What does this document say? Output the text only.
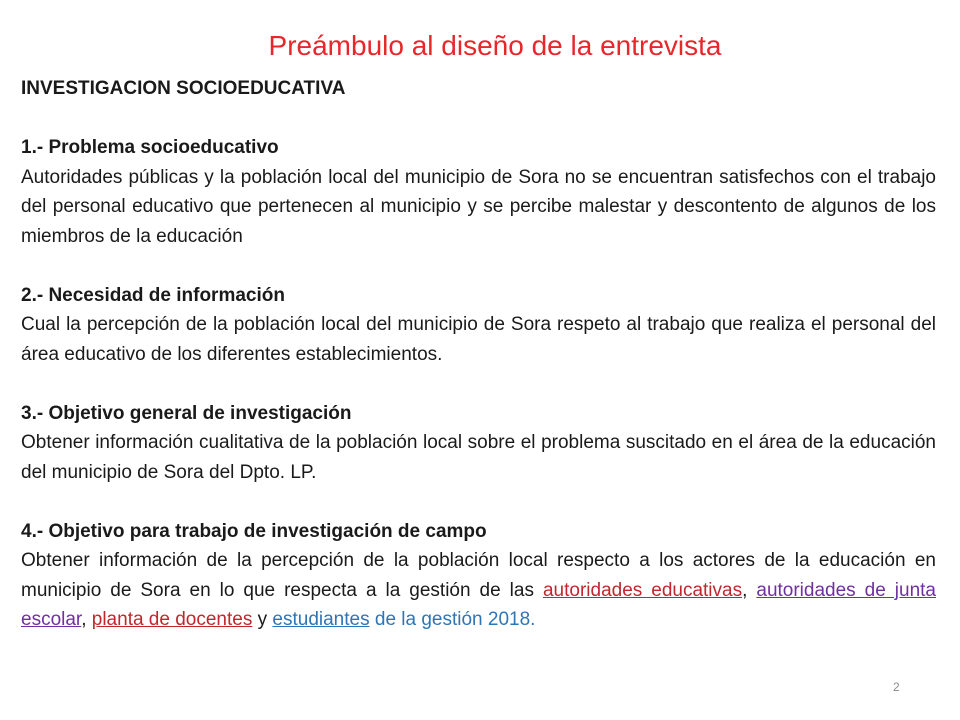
Preámbulo al diseño de la entrevista

INVESTIGACION SOCIOEDUCATIVA

1.- Problema socioeducativo

Autoridades públicas y la población local del municipio de Sora no se encuentran satisfechos con el trabajo del personal educativo que pertenecen al municipio y se percibe malestar y descontento de algunos de los miembros de la educación

2.- Necesidad de información

Cual la percepción de la población local del municipio de Sora respeto al trabajo que realiza el personal del área educativo de los diferentes establecimientos.

3.- Objetivo general de investigación

Obtener información cualitativa de la población local sobre el problema suscitado en el área de la educación del municipio de Sora del Dpto. LP.

4.- Objetivo para trabajo de investigación de campo

Obtener información de la percepción de la población local respecto a los actores de la educación en municipio de Sora en lo que respecta a la gestión de las autoridades educativas, autoridades de junta escolar, planta de docentes y estudiantes de la gestión 2018.

2
